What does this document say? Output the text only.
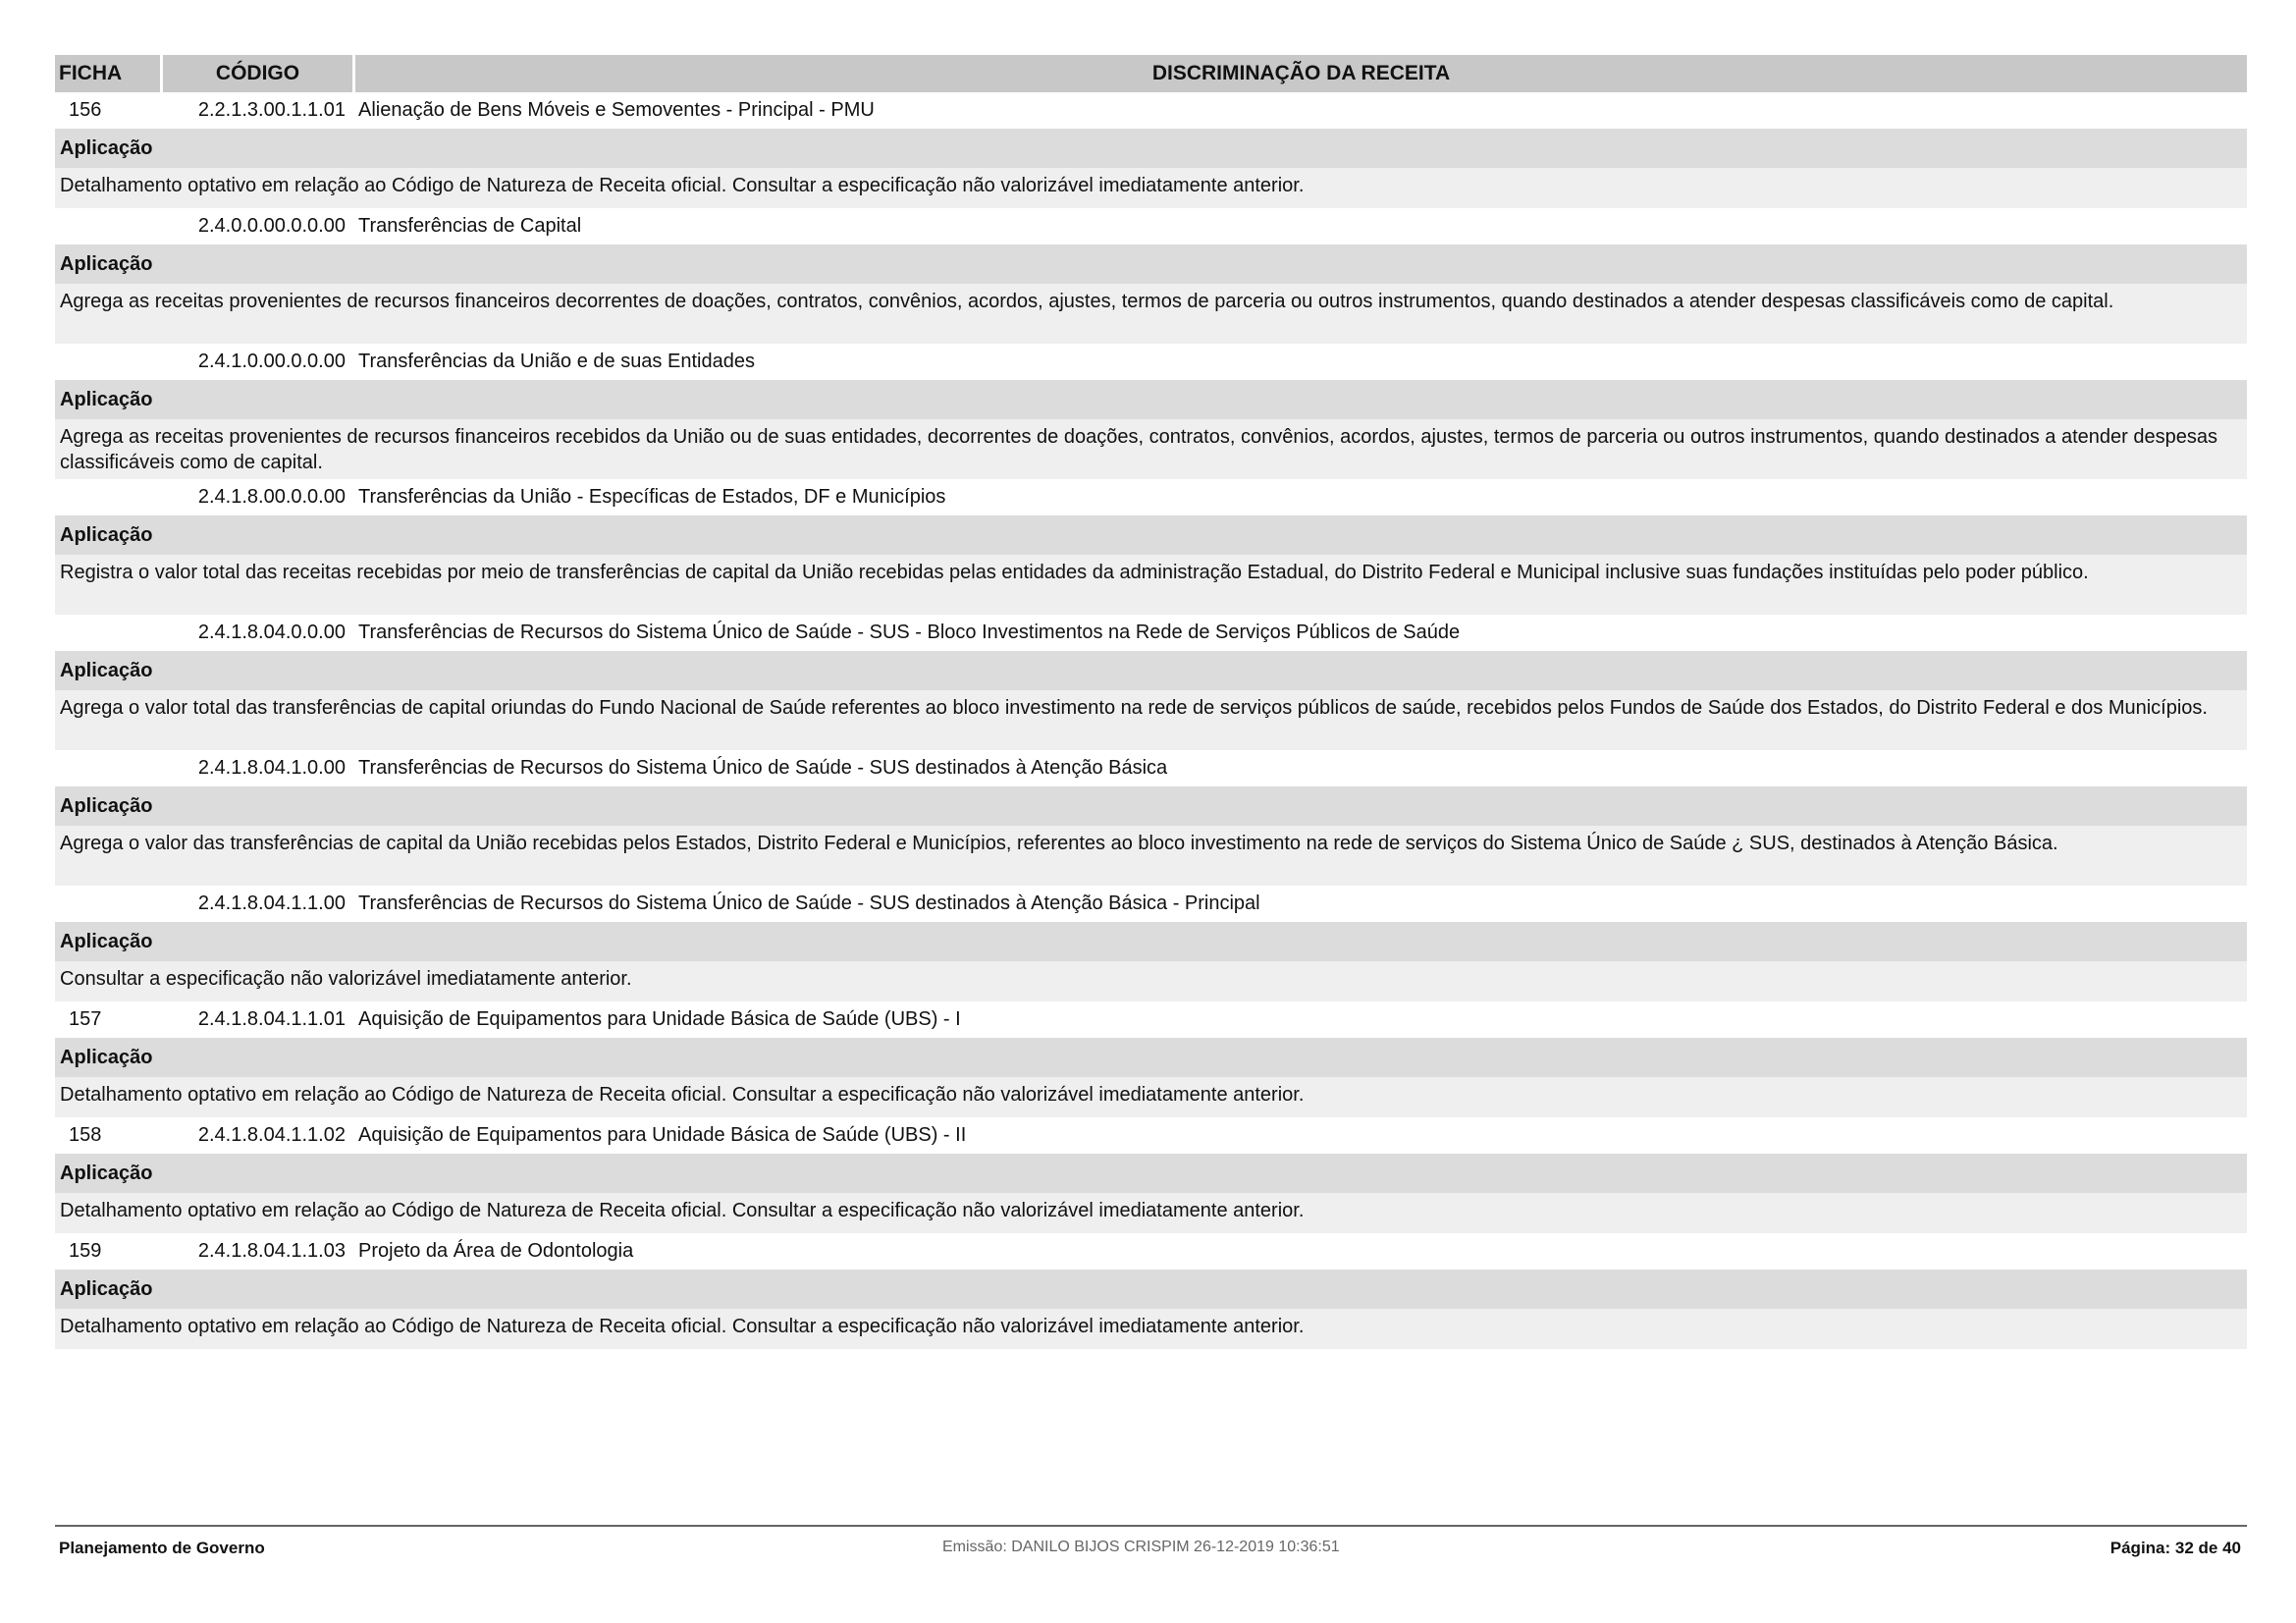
FICHA	CÓDIGO	DISCRIMINAÇÃO DA RECEITA
156	2.2.1.3.00.1.1.01 Alienação de Bens Móveis e Semoventes - Principal - PMU
Aplicação
Detalhamento optativo em relação ao Código de Natureza de Receita oficial. Consultar a especificação não valorizável imediatamente anterior.
2.4.0.0.00.0.0.00 Transferências de Capital
Aplicação
Agrega as receitas provenientes de recursos financeiros decorrentes de doações, contratos, convênios, acordos, ajustes, termos de parceria ou outros instrumentos, quando destinados a atender despesas classificáveis como de capital.
2.4.1.0.00.0.0.00 Transferências da União e de suas Entidades
Aplicação
Agrega as receitas provenientes de recursos financeiros recebidos da União ou de suas entidades, decorrentes de doações, contratos, convênios, acordos, ajustes, termos de parceria ou outros instrumentos, quando destinados a atender despesas classificáveis como de capital.
2.4.1.8.00.0.0.00 Transferências da União - Específicas de Estados, DF e Municípios
Aplicação
Registra o valor total das receitas recebidas por meio de transferências de capital da União recebidas pelas entidades da administração Estadual, do Distrito Federal e Municipal inclusive suas fundações instituídas pelo poder público.
2.4.1.8.04.0.0.00 Transferências de Recursos do Sistema Único de Saúde - SUS - Bloco Investimentos na Rede de Serviços Públicos de Saúde
Aplicação
Agrega o valor total das transferências de capital oriundas do Fundo Nacional de Saúde referentes ao bloco investimento na rede de serviços públicos de saúde, recebidos pelos Fundos de Saúde dos Estados, do Distrito Federal e dos Municípios.
2.4.1.8.04.1.0.00 Transferências de Recursos do Sistema Único de Saúde - SUS destinados à Atenção Básica
Aplicação
Agrega o valor das transferências de capital da União recebidas pelos Estados, Distrito Federal e Municípios, referentes ao bloco investimento na rede de serviços do Sistema Único de Saúde ¿ SUS, destinados à Atenção Básica.
2.4.1.8.04.1.1.00 Transferências de Recursos do Sistema Único de Saúde - SUS destinados à Atenção Básica - Principal
Aplicação
Consultar a especificação não valorizável imediatamente anterior.
157	2.4.1.8.04.1.1.01 Aquisição de Equipamentos para Unidade Básica de Saúde (UBS) - I
Aplicação
Detalhamento optativo em relação ao Código de Natureza de Receita oficial. Consultar a especificação não valorizável imediatamente anterior.
158	2.4.1.8.04.1.1.02 Aquisição de Equipamentos para Unidade Básica de Saúde (UBS) - II
Aplicação
Detalhamento optativo em relação ao Código de Natureza de Receita oficial. Consultar a especificação não valorizável imediatamente anterior.
159	2.4.1.8.04.1.1.03 Projeto da Área de Odontologia
Aplicação
Detalhamento optativo em relação ao Código de Natureza de Receita oficial. Consultar a especificação não valorizável imediatamente anterior.
Planejamento de Governo	Emissão: DANILO BIJOS CRISPIM 26-12-2019 10:36:51	Página: 32 de 40
